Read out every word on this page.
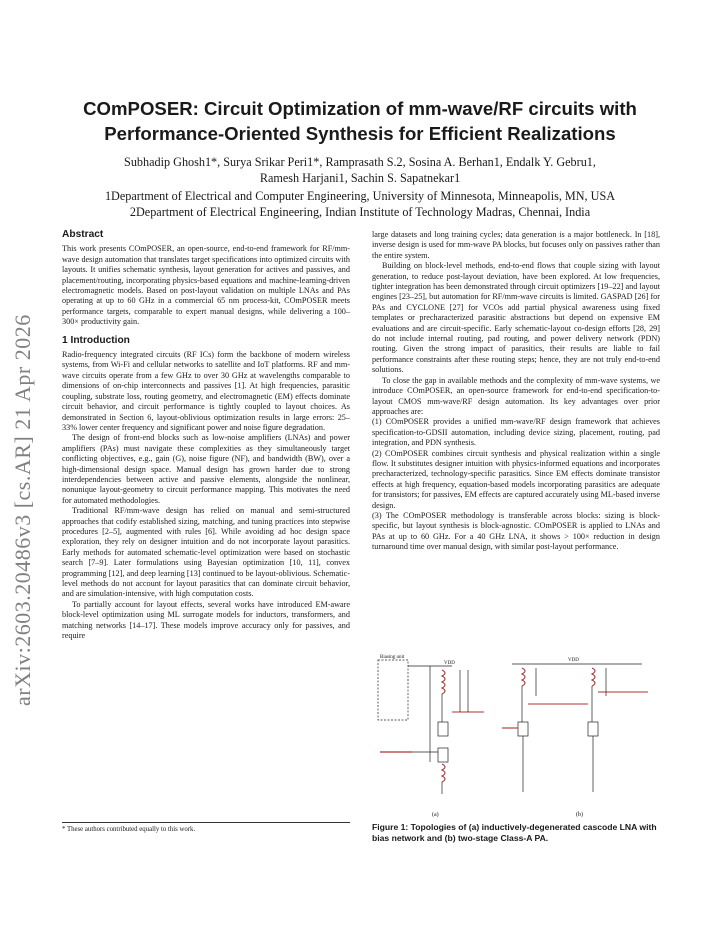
arXiv:2603.20486v3 [cs.AR] 21 Apr 2026
COmPOSER: Circuit Optimization of mm-wave/RF circuits with
Performance-Oriented Synthesis for Efficient Realizations
Subhadip Ghosh1*, Surya Srikar Peri1*, Ramprasath S.2, Sosina A. Berhan1, Endalk Y. Gebru1,
Ramesh Harjani1, Sachin S. Sapatnekar1
1Department of Electrical and Computer Engineering, University of Minnesota, Minneapolis, MN, USA
2Department of Electrical Engineering, Indian Institute of Technology Madras, Chennai, India
Abstract

This work presents COmPOSER, an open-source, end-to-end framework for RF/mm-wave design automation that translates target specifications into optimized circuits with layouts. It unifies schematic synthesis, layout generation for actives and passives, and placement/routing, incorporating physics-based equations and machine-learning-driven electromagnetic models. Based on post-layout validation on multiple LNAs and PAs operating at up to 60 GHz in a commercial 65 nm process-kit, COmPOSER meets performance targets, comparable to expert manual designs, while delivering a 100–300× productivity gain.

1 Introduction

Radio-frequency integrated circuits (RF ICs) form the backbone of modern wireless systems, from Wi-Fi and cellular networks to satellite and IoT platforms. RF and mm-wave circuits operate from a few GHz to over 30 GHz at wavelengths comparable to dimensions of on-chip interconnects and passives [1]. At high frequencies, parasitic coupling, substrate loss, routing geometry, and electromagnetic (EM) effects dominate circuit behavior, and circuit performance is tightly coupled to layout choices. As demonstrated in Section 6, layout-oblivious optimization results in large errors: 25–33% lower center frequency and significant power and noise figure degradation.

The design of front-end blocks such as low-noise amplifiers (LNAs) and power amplifiers (PAs) must navigate these complexities as they simultaneously target conflicting objectives, e.g., gain (G), noise figure (NF), and bandwidth (BW), over a high-dimensional design space. Manual design has grown harder due to strong interdependencies between active and passive elements, alongside the nonlinear, nonunique layout-geometry to circuit performance mapping. This motivates the need for automated methodologies.

Traditional RF/mm-wave design has relied on manual and semi-structured approaches that codify established sizing, matching, and tuning practices into stepwise procedures [2–5], augmented with rules [6]. While avoiding ad hoc design space exploration, they rely on designer intuition and do not incorporate layout parasitics. Early methods for automated schematic-level optimization were based on stochastic search [7–9]. Later formulations using Bayesian optimization [10, 11], convex programming [12], and deep learning [13] continued to be layout-oblivious. Schematic-level methods do not account for layout parasitics that can dominate circuit behavior, and are simulation-intensive, with high computation costs.

To partially account for layout effects, several works have introduced EM-aware block-level optimization using ML surrogate models for inductors, transformers, and matching networks [14–17]. These models improve accuracy only for passives, and require

* These authors contributed equally to this work.

large datasets and long training cycles; data generation is a major bottleneck. In [18], inverse design is used for mm-wave PA blocks, but focuses only on passives rather than the entire system.

Building on block-level methods, end-to-end flows that couple sizing with layout generation, to reduce post-layout deviation, have been explored. At low frequencies, tighter integration has been demonstrated through circuit optimizers [19–22] and layout engines [23–25], but automation for RF/mm-wave circuits is limited. GASPAD [26] for PAs and CYCLONE [27] for VCOs add partial physical awareness using fixed templates or precharacterized parasitic abstractions but depend on expensive EM evaluations and are circuit-specific. Early schematic-layout co-design efforts [28, 29] do not include internal routing, pad routing, and power delivery network (PDN) routing. Given the strong impact of parasitics, their results are liable to fail performance constraints after these routing steps; hence, they are not truly end-to-end solutions.

To close the gap in available methods and the complexity of mm-wave systems, we introduce COmPOSER, an open-source framework for end-to-end specification-to-layout CMOS mm-wave/RF design automation. Its key advantages over prior approaches are:

(1) COmPOSER provides a unified mm-wave/RF design framework that achieves specification-to-GDSII automation, including device sizing, placement, routing, pad integration, and PDN synthesis.

(2) COmPOSER combines circuit synthesis and physical realization within a single flow. It substitutes designer intuition with physics-informed equations and incorporates precharacterized, technology-specific parasitics. Since EM effects dominate transistor effects at high frequency, equation-based models incorporating parasitics are adequate for transistors; for passives, EM effects are captured accurately using ML-based inverse design.

(3) The COmPOSER methodology is transferable across blocks: sizing is block-specific, but layout synthesis is block-agnostic. COmPOSER is applied to LNAs and PAs at up to 60 GHz. For a 40 GHz LNA, it shows > 100× reduction in design turnaround time over manual design, with similar post-layout performance.

Biasing unit
VDD
(a)
VDD
(b)
Figure 1: Topologies of (a) inductively-degenerated cascode LNA with bias network and (b) two-stage Class-A PA.
